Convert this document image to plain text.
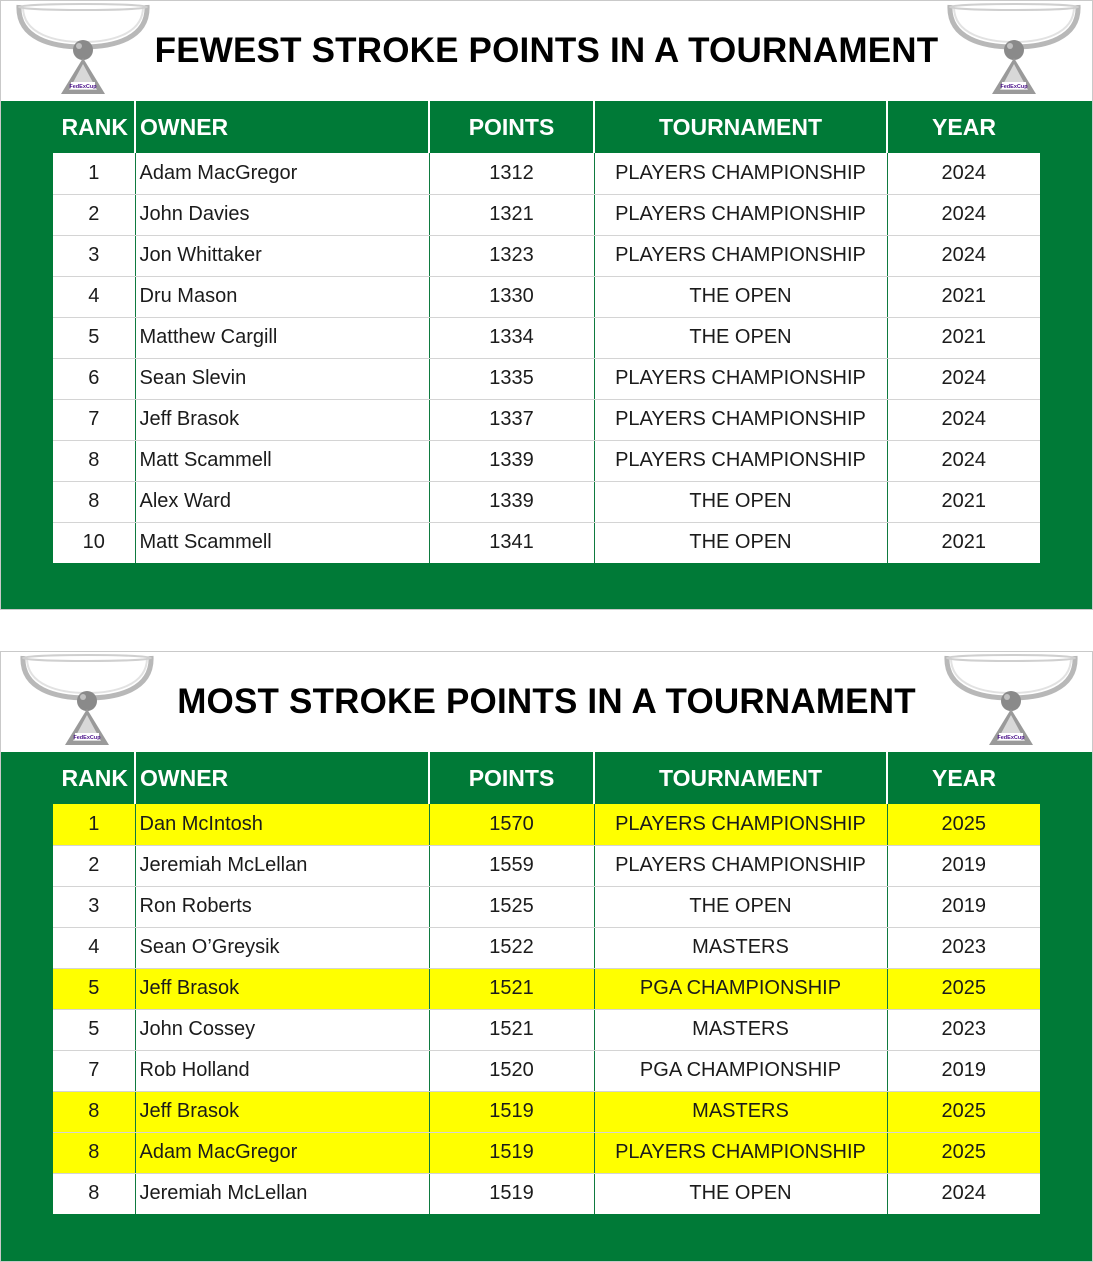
FEWEST STROKE POINTS IN A TOURNAMENT
RANK	OWNER	POINTS	TOURNAMENT	YEAR
1	Adam MacGregor	1312	PLAYERS CHAMPIONSHIP	2024
2	John Davies	1321	PLAYERS CHAMPIONSHIP	2024
3	Jon Whittaker	1323	PLAYERS CHAMPIONSHIP	2024
4	Dru Mason	1330	THE OPEN	2021
5	Matthew Cargill	1334	THE OPEN	2021
6	Sean Slevin	1335	PLAYERS CHAMPIONSHIP	2024
7	Jeff Brasok	1337	PLAYERS CHAMPIONSHIP	2024
8	Matt Scammell	1339	PLAYERS CHAMPIONSHIP	2024
8	Alex Ward	1339	THE OPEN	2021
10	Matt Scammell	1341	THE OPEN	2021
MOST STROKE POINTS IN A TOURNAMENT
RANK	OWNER	POINTS	TOURNAMENT	YEAR
1	Dan McIntosh	1570	PLAYERS CHAMPIONSHIP	2025
2	Jeremiah McLellan	1559	PLAYERS CHAMPIONSHIP	2019
3	Ron Roberts	1525	THE OPEN	2019
4	Sean O’Greysik	1522	MASTERS	2023
5	Jeff Brasok	1521	PGA CHAMPIONSHIP	2025
5	John Cossey	1521	MASTERS	2023
7	Rob Holland	1520	PGA CHAMPIONSHIP	2019
8	Jeff Brasok	1519	MASTERS	2025
8	Adam MacGregor	1519	PLAYERS CHAMPIONSHIP	2025
8	Jeremiah McLellan	1519	THE OPEN	2024
